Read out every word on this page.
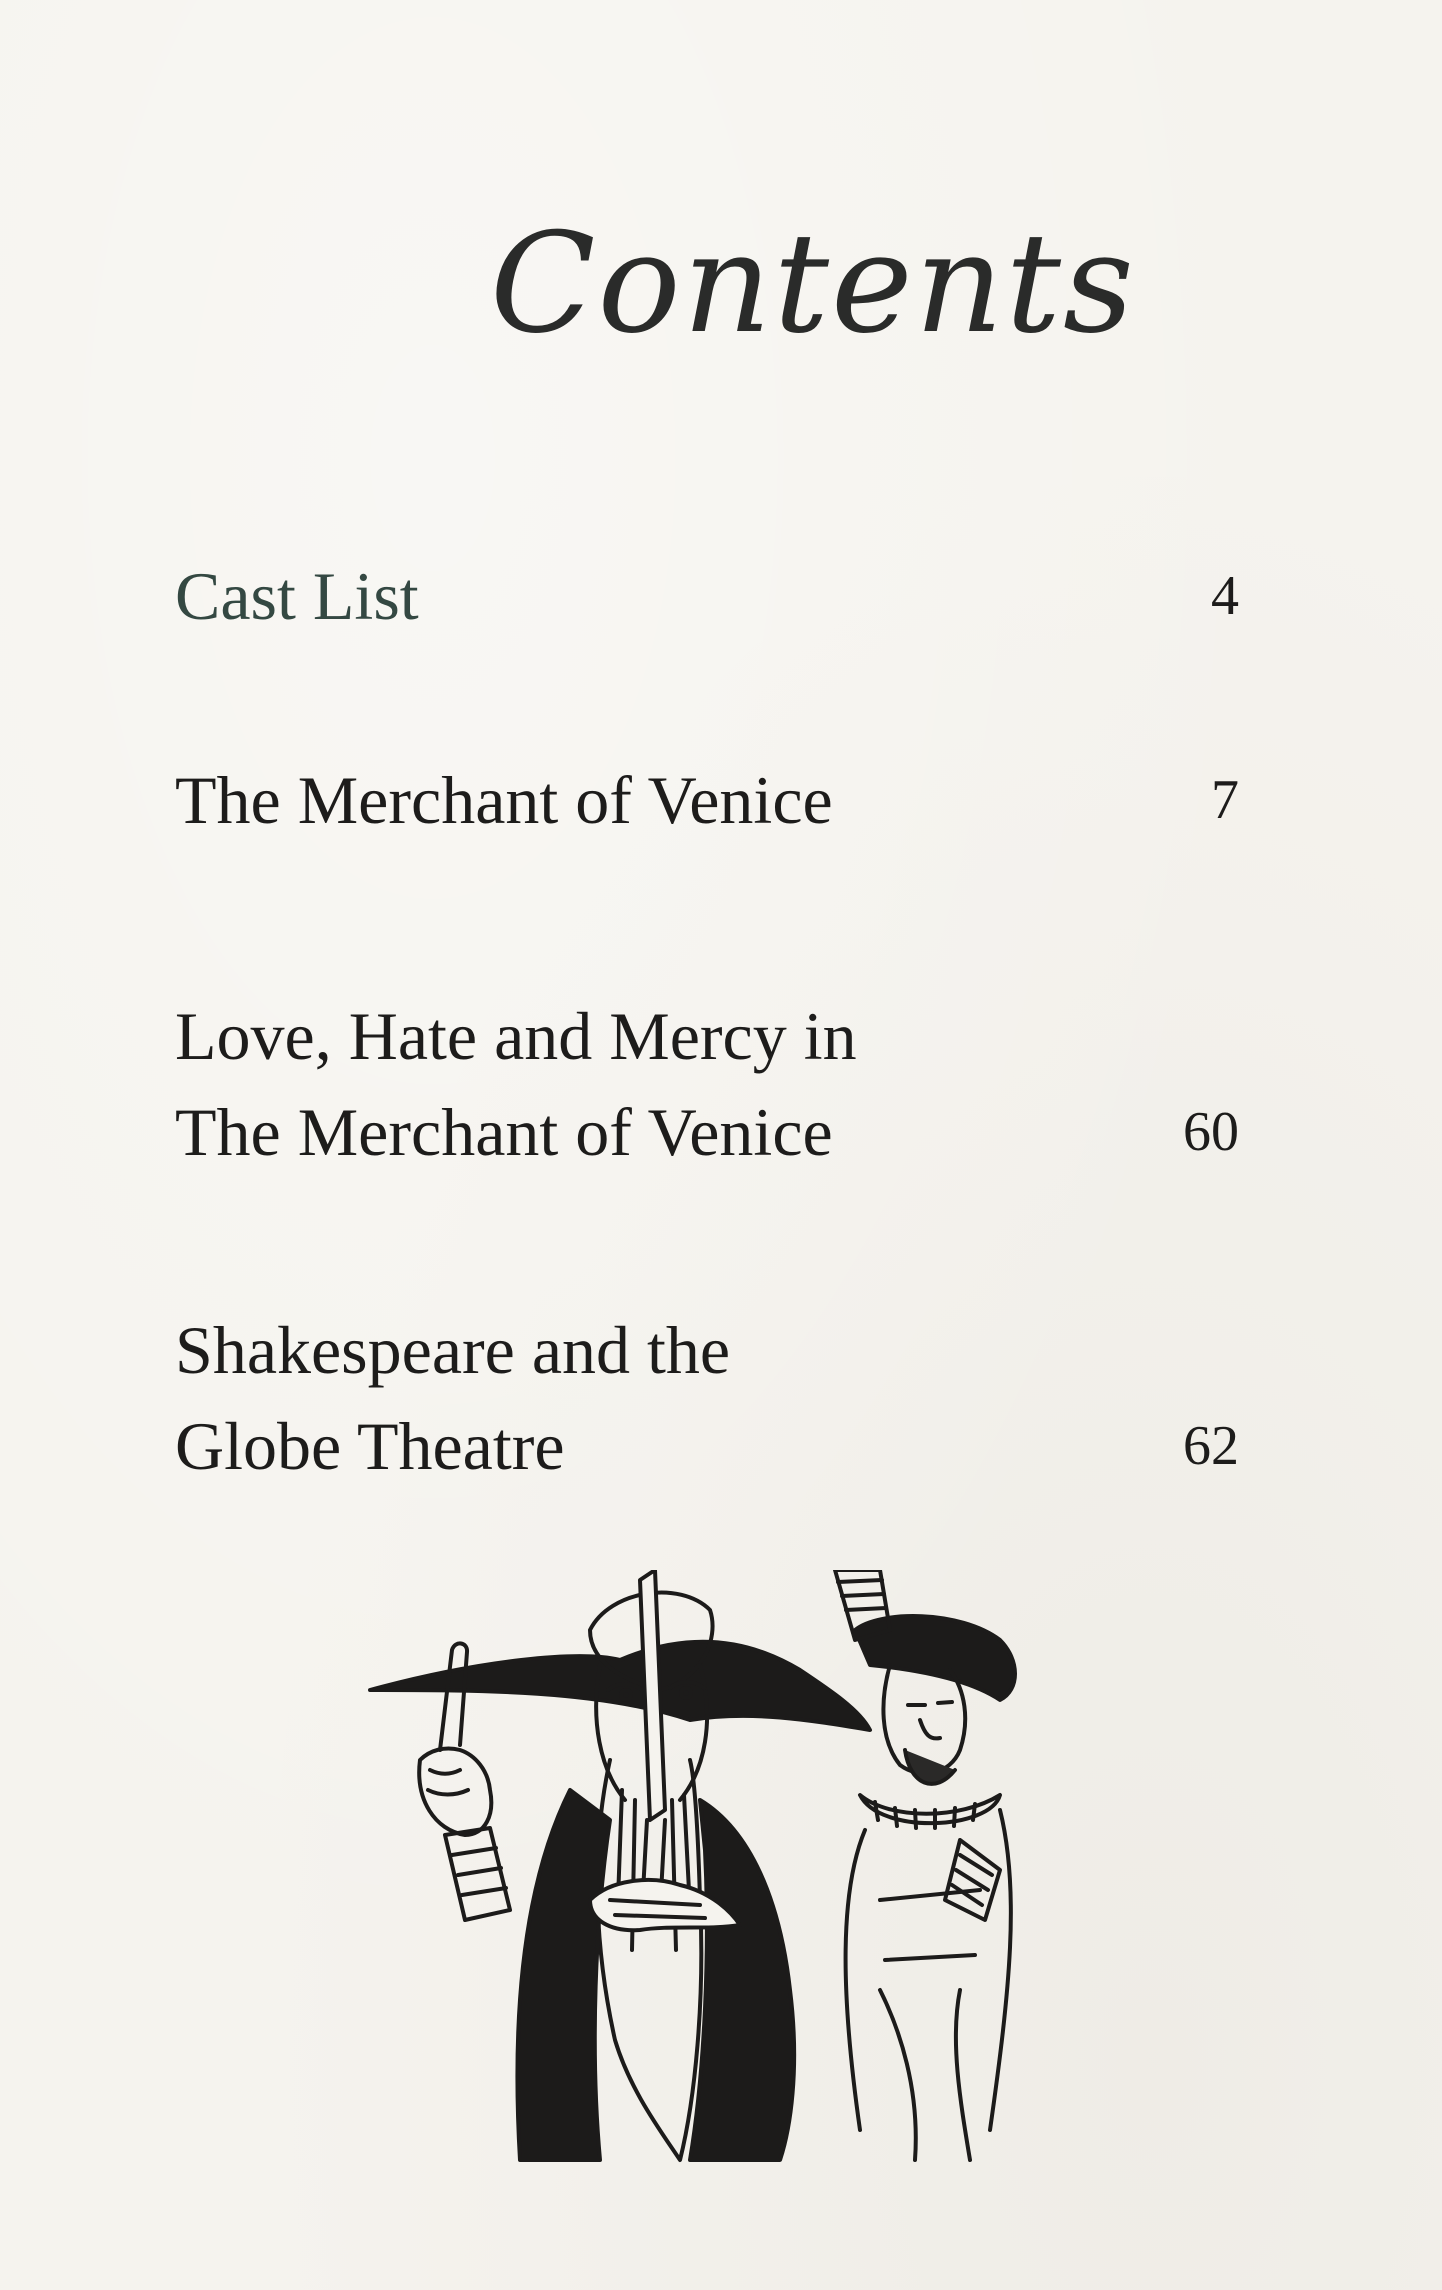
Contents
Cast List	4
The Merchant of Venice	7
Love, Hate and Mercy in
The Merchant of Venice	60
Shakespeare and the
Globe Theatre	62
